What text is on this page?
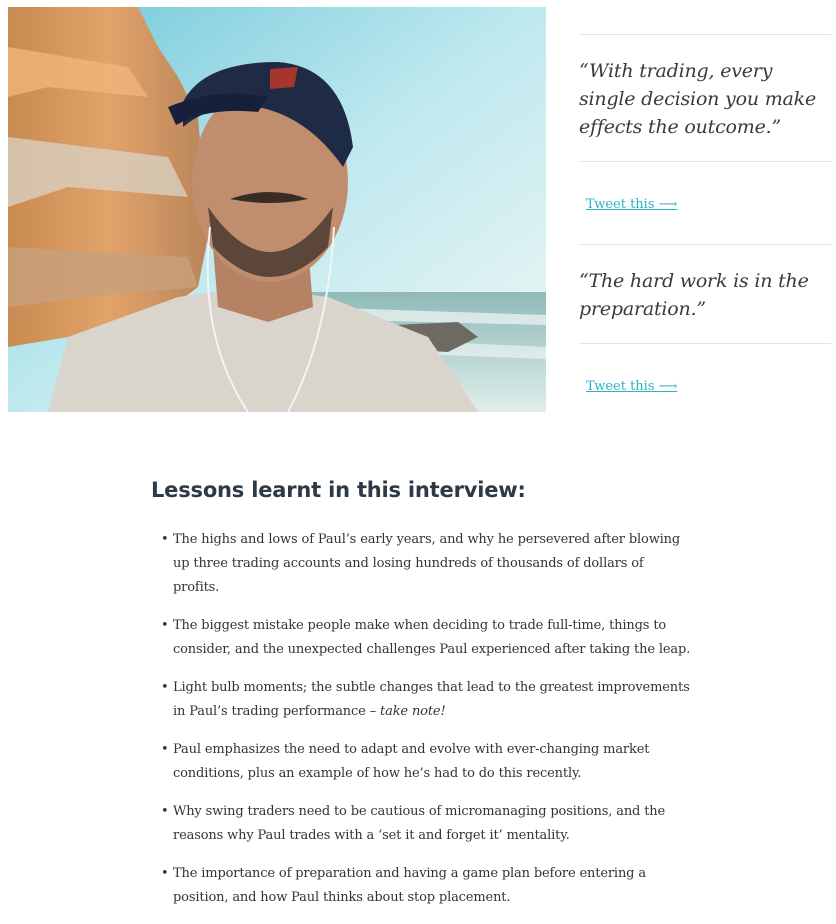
“With trading, every single decision you make effects the outcome.”

Tweet this ⟶

“The hard work is in the preparation.”

Tweet this ⟶
Lessons learnt in this interview:
• The highs and lows of Paul’s early years, and why he persevered after blowing up three trading accounts and losing hundreds of thousands of dollars of profits.
• The biggest mistake people make when deciding to trade full-time, things to consider, and the unexpected challenges Paul experienced after taking the leap.
• Light bulb moments; the subtle changes that lead to the greatest improvements in Paul’s trading performance – take note!
• Paul emphasizes the need to adapt and evolve with ever-changing market conditions, plus an example of how he’s had to do this recently.
• Why swing traders need to be cautious of micromanaging positions, and the reasons why Paul trades with a ‘set it and forget it’ mentality.
• The importance of preparation and having a game plan before entering a position, and how Paul thinks about stop placement.
